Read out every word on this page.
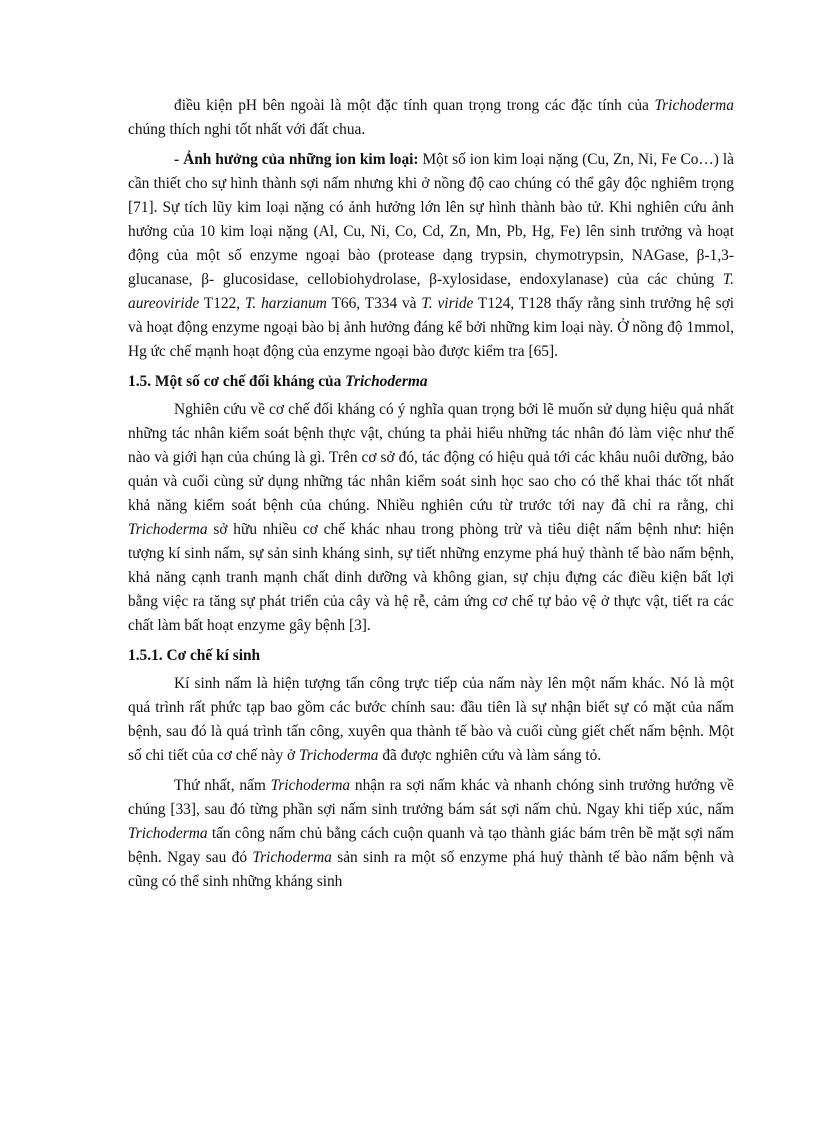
điều kiện pH bên ngoài là một đặc tính quan trọng trong các đặc tính của Trichoderma chúng thích nghi tốt nhất với đất chua.

- Ảnh hưởng của những ion kim loại: Một số ion kim loại nặng (Cu, Zn, Ni, Fe Co…) là cần thiết cho sự hình thành sợi nấm nhưng khi ở nồng độ cao chúng có thể gây độc nghiêm trọng [71]. Sự tích lũy kim loại nặng có ảnh hưởng lớn lên sự hình thành bào tử. Khi nghiên cứu ảnh hưởng của 10 kim loại nặng (Al, Cu, Ni, Co, Cd, Zn, Mn, Pb, Hg, Fe) lên sinh trưởng và hoạt động của một số enzyme ngoại bào (protease dạng trypsin, chymotrypsin, NAGase, β-1,3-glucanase, β- glucosidase, cellobiohydrolase, β-xylosidase, endoxylanase) của các chủng T. aureoviride T122, T. harzianum T66, T334 và T. viride T124, T128 thấy rằng sinh trưởng hệ sợi và hoạt động enzyme ngoại bào bị ảnh hưởng đáng kể bởi những kim loại này. Ở nồng độ 1mmol, Hg ức chế mạnh hoạt động của enzyme ngoại bào được kiểm tra [65].

1.5. Một số cơ chế đối kháng của Trichoderma

Nghiên cứu về cơ chế đối kháng có ý nghĩa quan trọng bởi lẽ muốn sử dụng hiệu quả nhất những tác nhân kiểm soát bệnh thực vật, chúng ta phải hiểu những tác nhân đó làm việc như thế nào và giới hạn của chúng là gì. Trên cơ sở đó, tác động có hiệu quả tới các khâu nuôi dưỡng, bảo quản và cuối cùng sử dụng những tác nhân kiểm soát sinh học sao cho có thể khai thác tốt nhất khả năng kiểm soát bệnh của chúng. Nhiều nghiên cứu từ trước tới nay đã chỉ ra rằng, chi Trichoderma sở hữu nhiều cơ chế khác nhau trong phòng trừ và tiêu diệt nấm bệnh như: hiện tượng kí sinh nấm, sự sản sinh kháng sinh, sự tiết những enzyme phá huỷ thành tế bào nấm bệnh, khả năng cạnh tranh mạnh chất dinh dưỡng và không gian, sự chịu đựng các điều kiện bất lợi bằng việc ra tăng sự phát triển của cây và hệ rễ, cảm ứng cơ chế tự bảo vệ ở thực vật, tiết ra các chất làm bất hoạt enzyme gây bệnh [3].

1.5.1. Cơ chế kí sinh

Kí sinh nấm là hiện tượng tấn công trực tiếp của nấm này lên một nấm khác. Nó là một quá trình rất phức tạp bao gồm các bước chính sau: đầu tiên là sự nhận biết sự có mặt của nấm bệnh, sau đó là quá trình tấn công, xuyên qua thành tế bào và cuối cùng giết chết nấm bệnh. Một số chi tiết của cơ chế này ở Trichoderma đã được nghiên cứu và làm sáng tỏ.

Thứ nhất, nấm Trichoderma nhận ra sợi nấm khác và nhanh chóng sinh trưởng hướng về chúng [33], sau đó từng phần sợi nấm sinh trưởng bám sát sợi nấm chủ. Ngay khi tiếp xúc, nấm Trichoderma tấn công nấm chủ bằng cách cuộn quanh và tạo thành giác bám trên bề mặt sợi nấm bệnh. Ngay sau đó Trichoderma sản sinh ra một số enzyme phá huỷ thành tế bào nấm bệnh và cũng có thể sinh những kháng sinh
